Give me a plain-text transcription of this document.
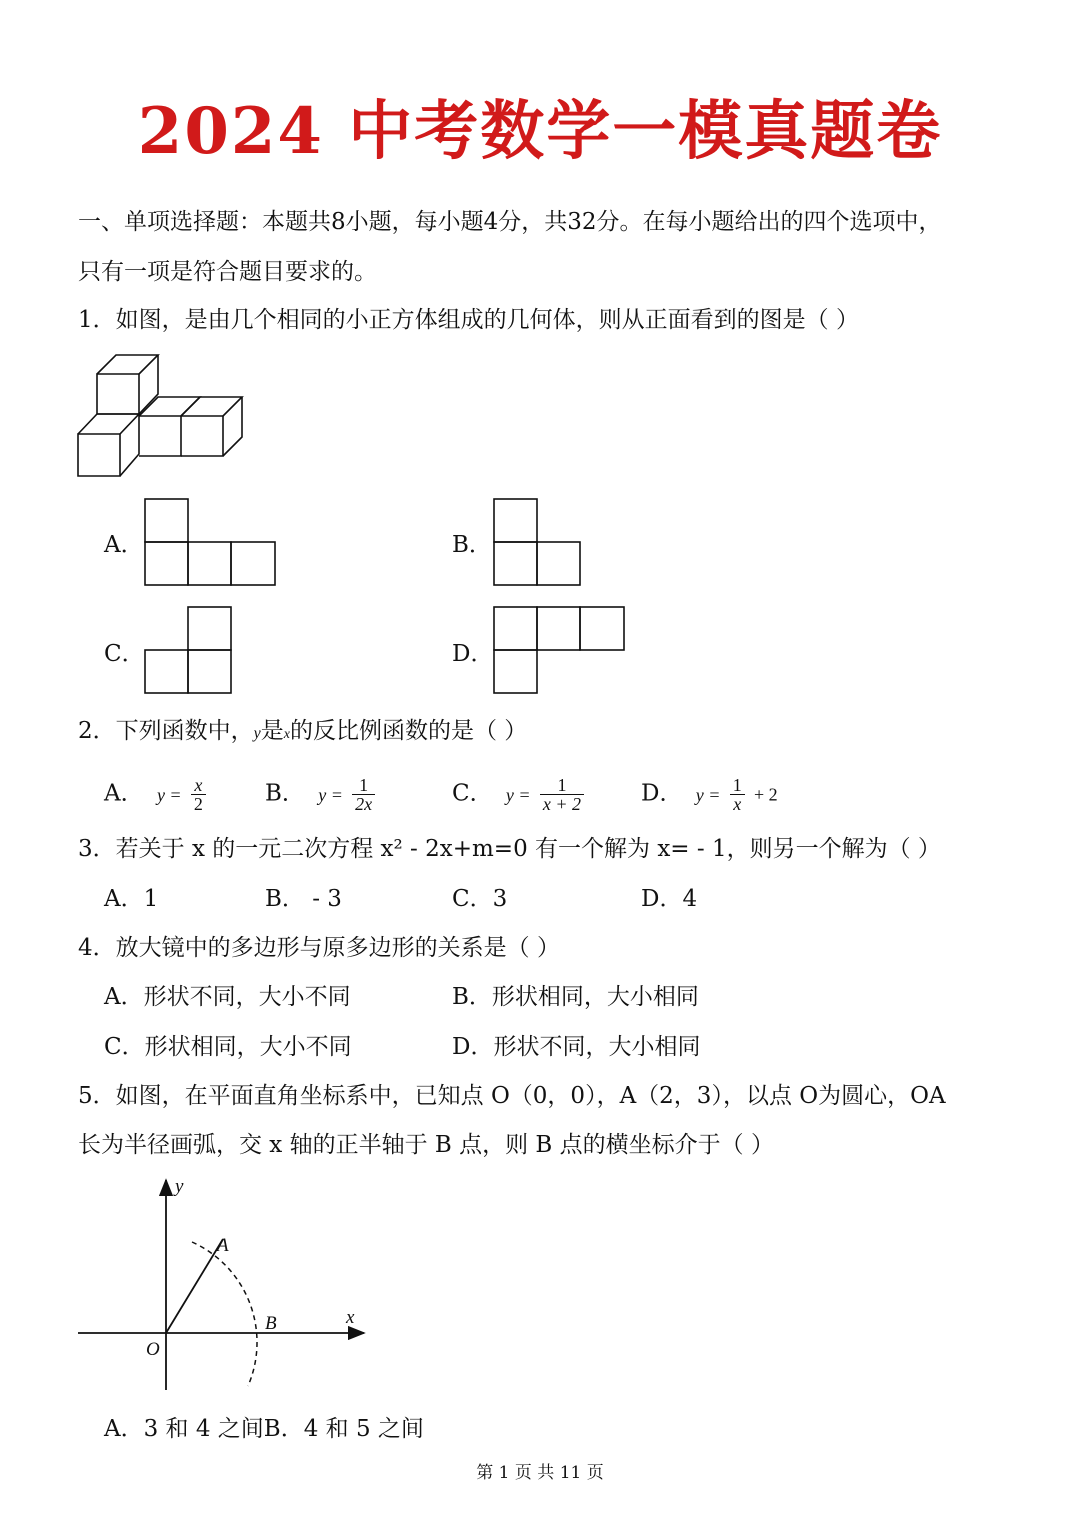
2024 中考数学一模真题卷
一、单项选择题：本题共8小题，每小题4分，共32分。在每小题给出的四个选项中，
只有一项是符合题目要求的。
1．如图，是由几个相同的小正方体组成的几何体，则从正面看到的图是（ ）
A．	B．
C．	D．
2．下列函数中，y是x的反比例函数的是（ ）
A． $y = \frac{x}{2}$	B． $y = \frac{1}{2x}$	C． $y = \frac{1}{x + 2}$ D． $y = \frac{1}{x} + 2$
3．若关于 x 的一元二次方程 x² - 2x+m=0 有一个解为 x= - 1，则另一个解为（ ）
A．1	B． - 3	C．3	D．4
4．放大镜中的多边形与原多边形的关系是（ ）
A．形状不同，大小不同	B．形状相同，大小相同
C．形状相同，大小不同	D．形状不同，大小相同
5．如图，在平面直角坐标系中，已知点 O（0，0），A（2，3），以点 O为圆心，OA
长为半径画弧，交 x 轴的正半轴于 B 点，则 B 点的横坐标介于（ ）
y
x
O
A
B
A．3 和 4 之间B．4 和 5 之间
第 1 页 共 11 页
